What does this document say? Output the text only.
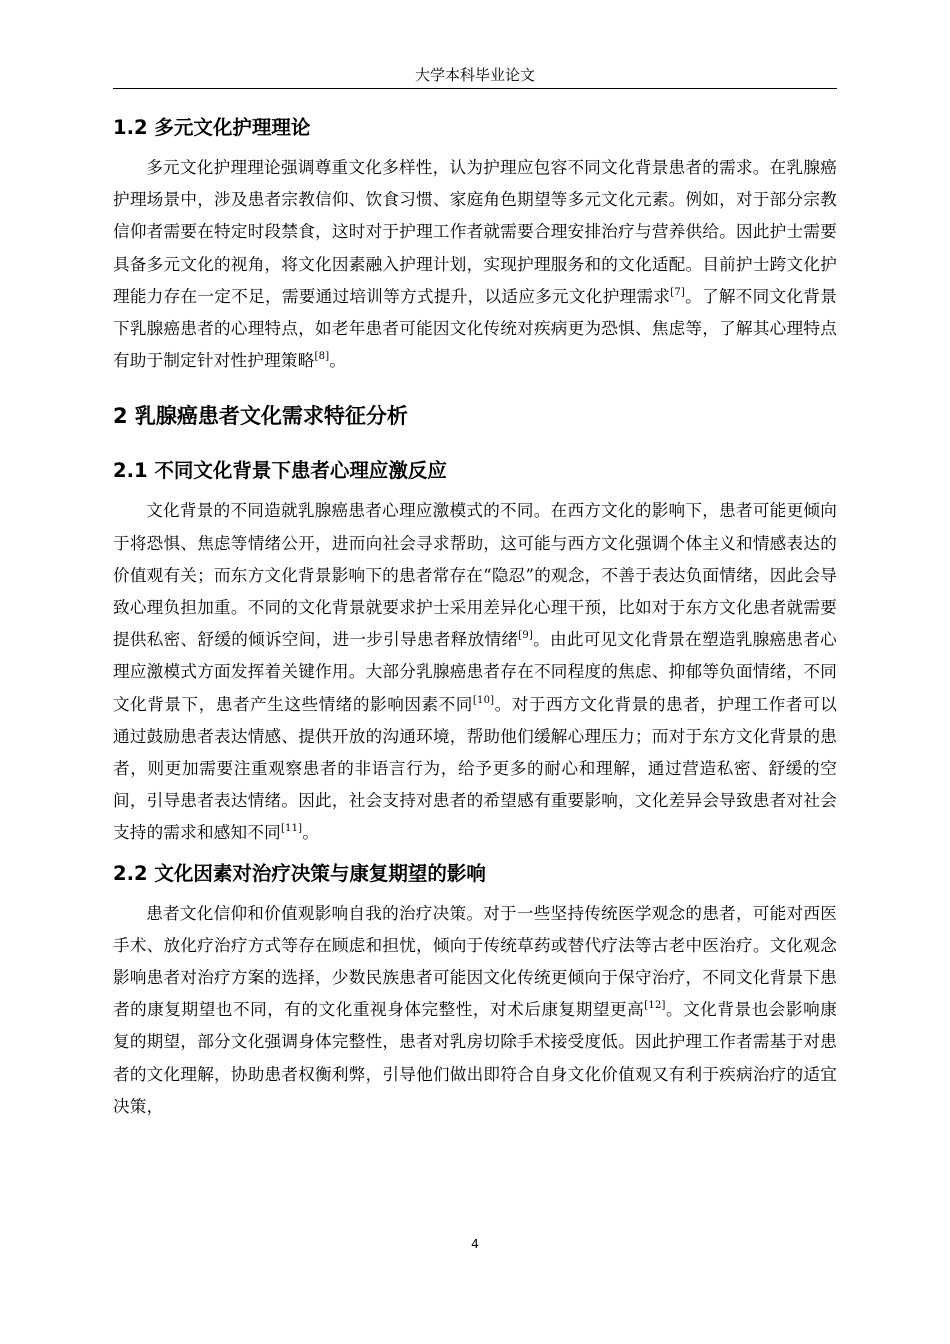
大学本科毕业论文
1.2 多元文化护理理论

多元文化护理理论强调尊重文化多样性，认为护理应包容不同文化背景患者的需求。在乳腺癌护理场景中，涉及患者宗教信仰、饮食习惯、家庭角色期望等多元文化元素。例如，对于部分宗教信仰者需要在特定时段禁食，这时对于护理工作者就需要合理安排治疗与营养供给。因此护士需要具备多元文化的视角，将文化因素融入护理计划，实现护理服务和的文化适配。目前护士跨文化护理能力存在一定不足，需要通过培训等方式提升，以适应多元文化护理需求[7]。了解不同文化背景下乳腺癌患者的心理特点，如老年患者可能因文化传统对疾病更为恐惧、焦虑等，了解其心理特点有助于制定针对性护理策略[8]。

2 乳腺癌患者文化需求特征分析
2.1 不同文化背景下患者心理应激反应

文化背景的不同造就乳腺癌患者心理应激模式的不同。在西方文化的影响下，患者可能更倾向于将恐惧、焦虑等情绪公开，进而向社会寻求帮助，这可能与西方文化强调个体主义和情感表达的价值观有关；而东方文化背景影响下的患者常存在“隐忍”的观念，不善于表达负面情绪，因此会导致心理负担加重。不同的文化背景就要求护士采用差异化心理干预，比如对于东方文化患者就需要提供私密、舒缓的倾诉空间，进一步引导患者释放情绪[9]。由此可见文化背景在塑造乳腺癌患者心理应激模式方面发挥着关键作用。大部分乳腺癌患者存在不同程度的焦虑、抑郁等负面情绪，不同文化背景下，患者产生这些情绪的影响因素不同[10]。对于西方文化背景的患者，护理工作者可以通过鼓励患者表达情感、提供开放的沟通环境，帮助他们缓解心理压力；而对于东方文化背景的患者，则更加需要注重观察患者的非语言行为，给予更多的耐心和理解，通过营造私密、舒缓的空间，引导患者表达情绪。因此，社会支持对患者的希望感有重要影响，文化差异会导致患者对社会支持的需求和感知不同[11]。

2.2 文化因素对治疗决策与康复期望的影响

患者文化信仰和价值观影响自我的治疗决策。对于一些坚持传统医学观念的患者，可能对西医手术、放化疗治疗方式等存在顾虑和担忧，倾向于传统草药或替代疗法等古老中医治疗。文化观念影响患者对治疗方案的选择，少数民族患者可能因文化传统更倾向于保守治疗，不同文化背景下患者的康复期望也不同，有的文化重视身体完整性，对术后康复期望更高[12]。文化背景也会影响康复的期望，部分文化强调身体完整性，患者对乳房切除手术接受度低。因此护理工作者需基于对患者的文化理解，协助患者权衡利弊，引导他们做出即符合自身文化价值观又有利于疾病治疗的适宜决策，

4
